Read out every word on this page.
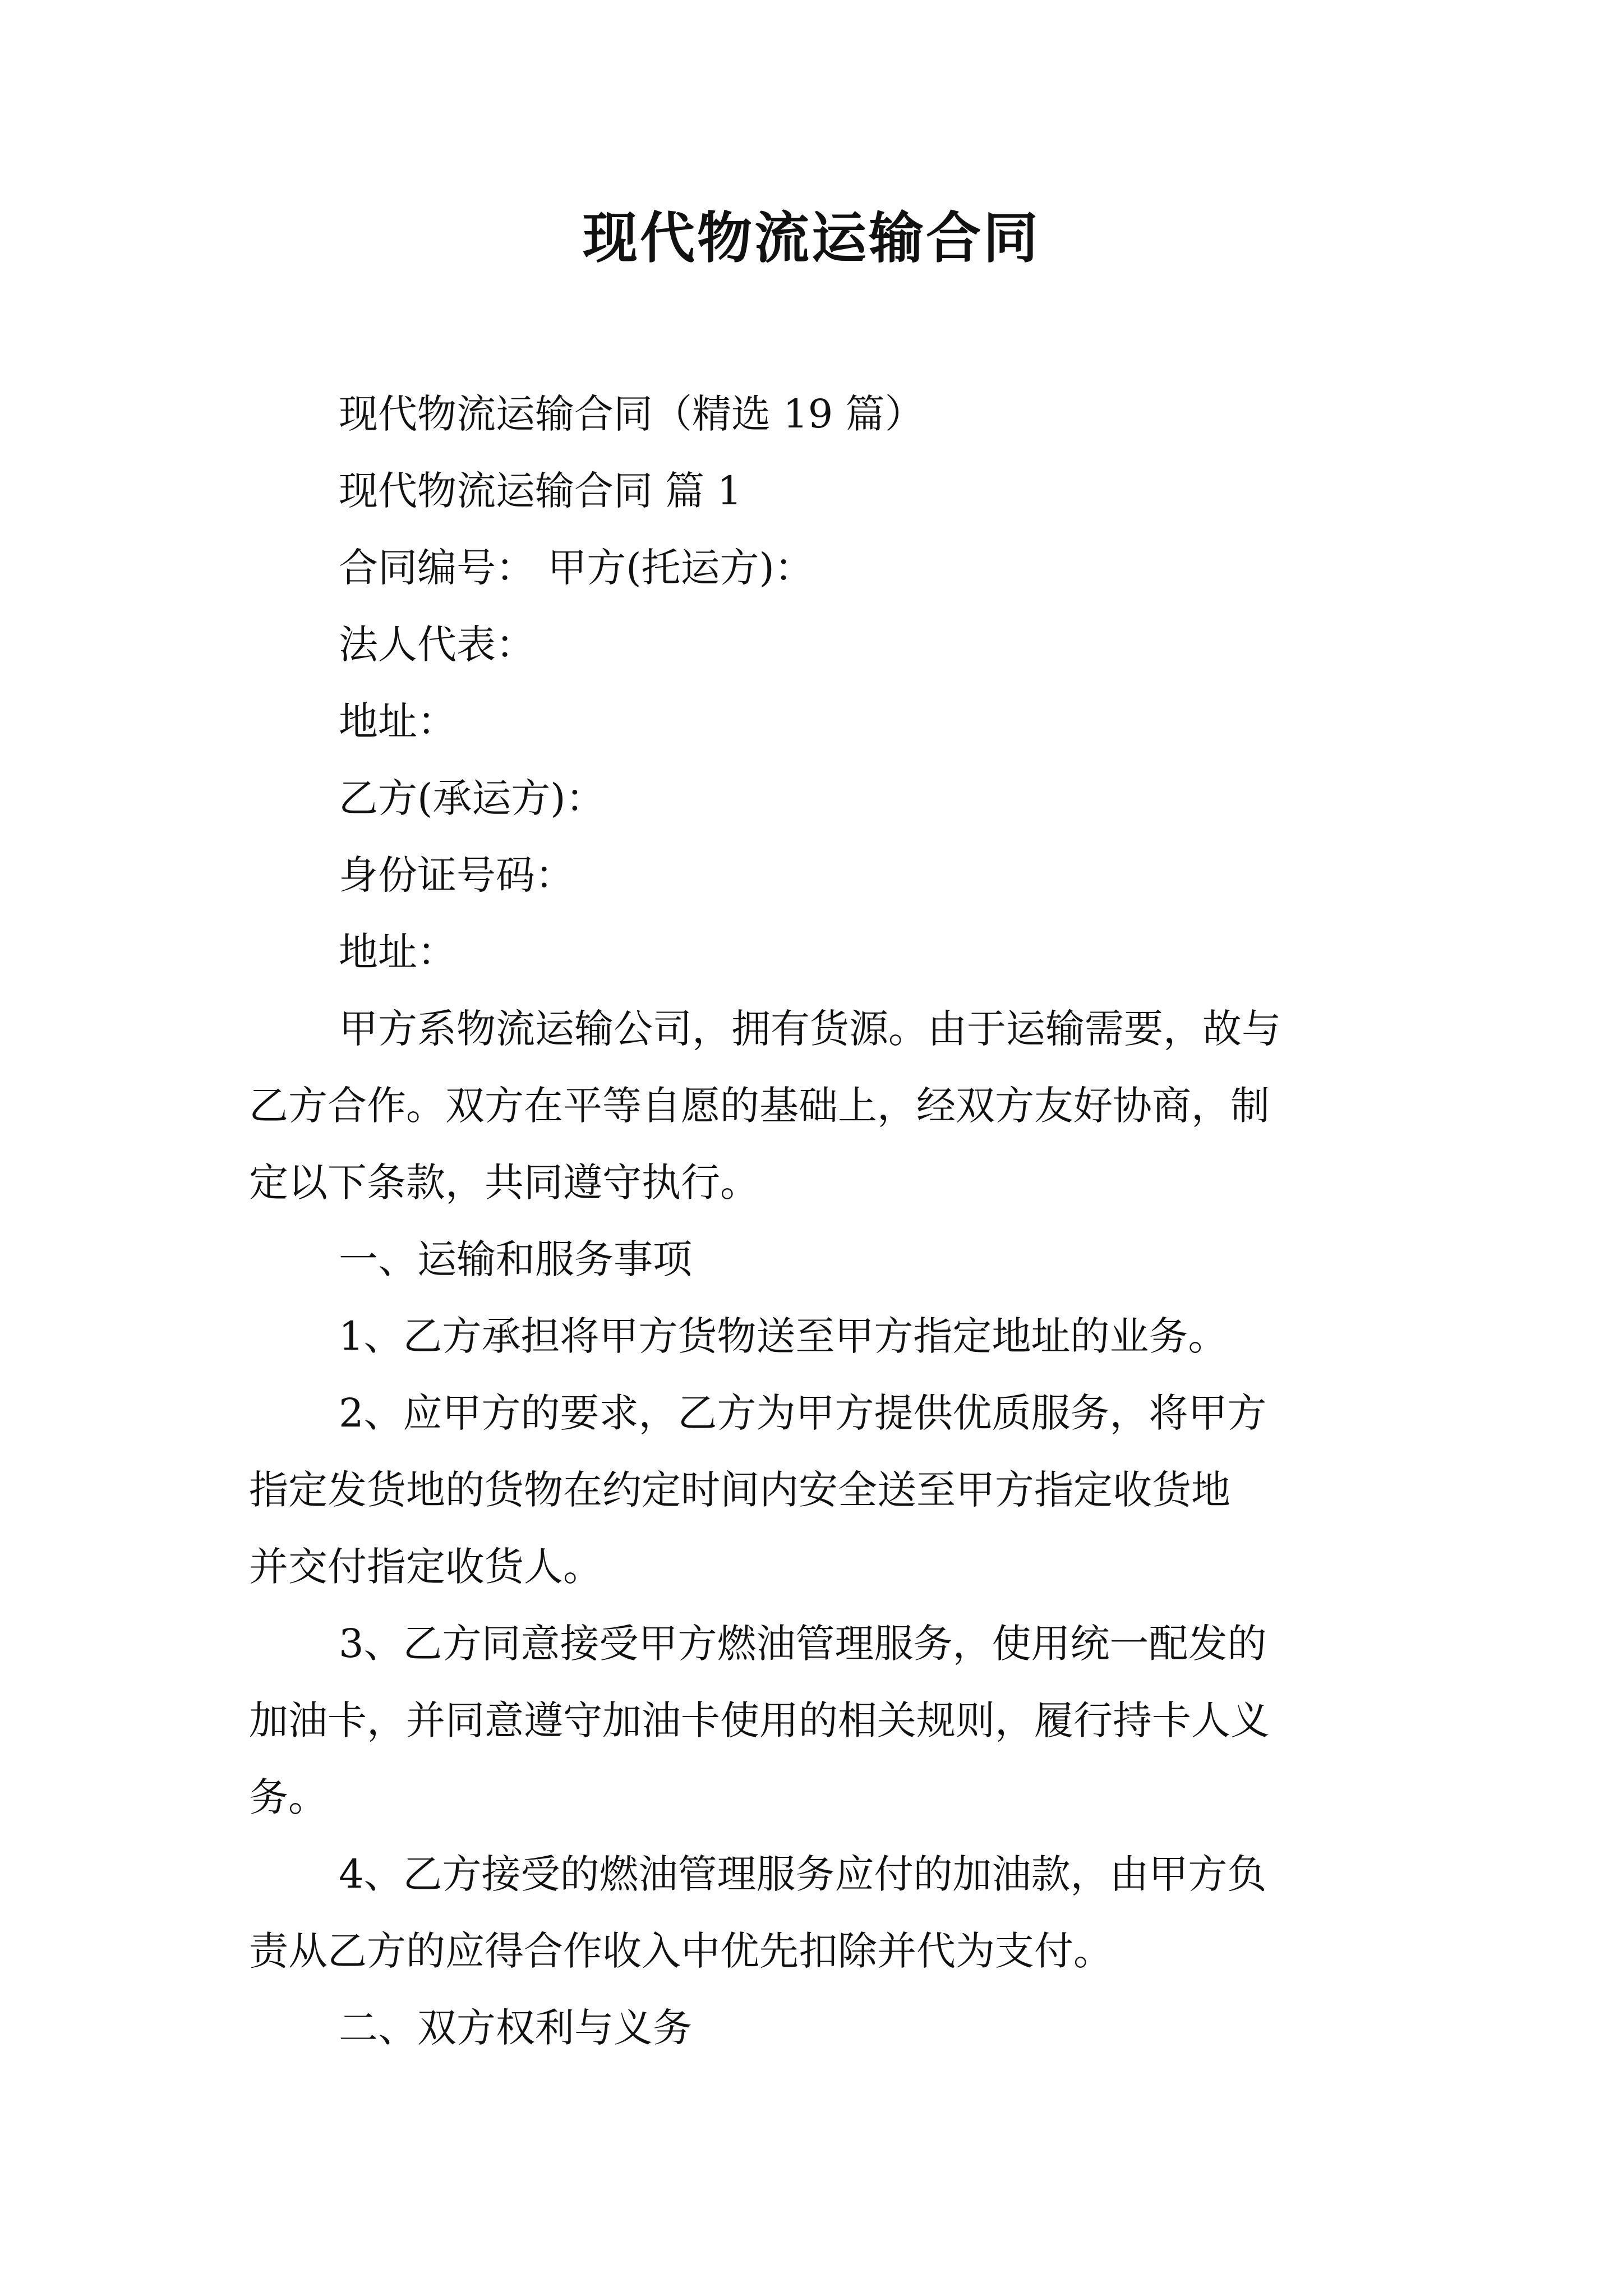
现代物流运输合同
现代物流运输合同（精选 19 篇）
现代物流运输合同 篇 1
合同编号： 甲方(托运方)：
法人代表：
地址：
乙方(承运方)：
身份证号码：
地址：
甲方系物流运输公司，拥有货源。由于运输需要，故与
乙方合作。双方在平等自愿的基础上，经双方友好协商，制
定以下条款，共同遵守执行。
一、运输和服务事项
1、乙方承担将甲方货物送至甲方指定地址的业务。
2、应甲方的要求，乙方为甲方提供优质服务，将甲方
指定发货地的货物在约定时间内安全送至甲方指定收货地
并交付指定收货人。
3、乙方同意接受甲方燃油管理服务，使用统一配发的
加油卡，并同意遵守加油卡使用的相关规则，履行持卡人义
务。
4、乙方接受的燃油管理服务应付的加油款，由甲方负
责从乙方的应得合作收入中优先扣除并代为支付。
二、双方权利与义务
